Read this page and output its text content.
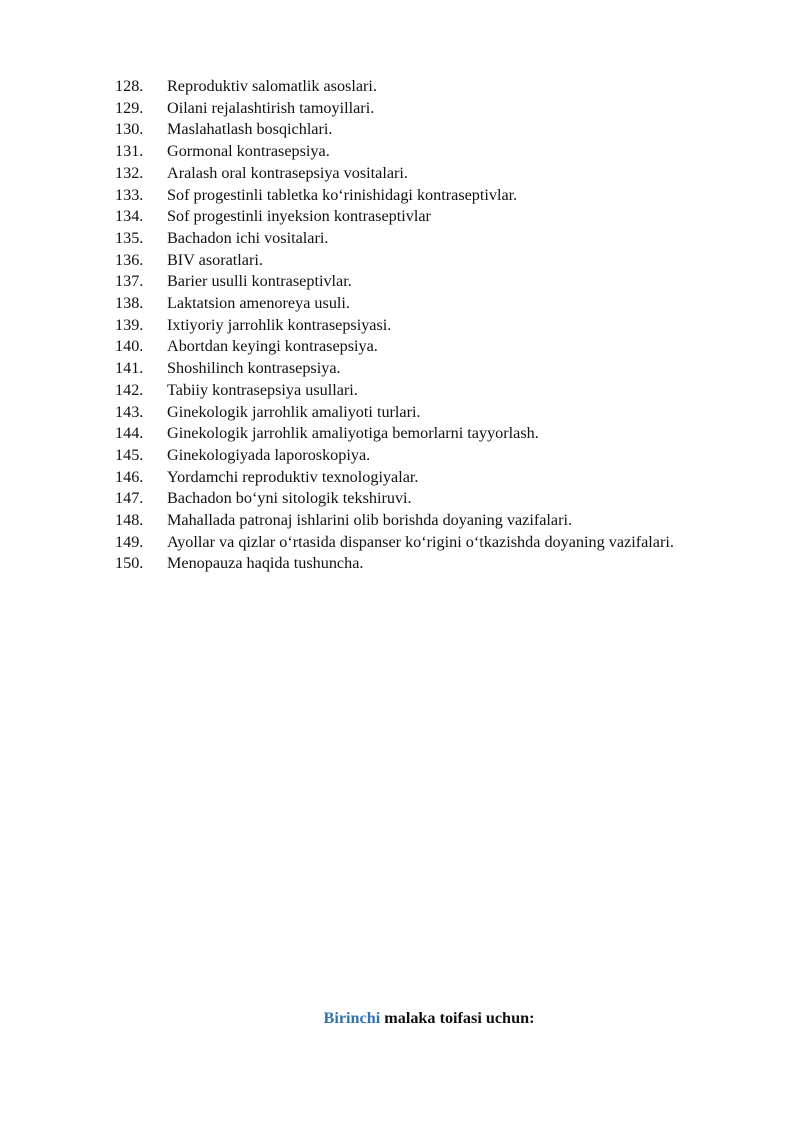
128.	Reproduktiv salomatlik asoslari.
129.	Oilani rejalashtirish tamoyillari.
130.	Maslahatlash bosqichlari.
131.	Gormonal kontrasepsiya.
132.	Aralash oral kontrasepsiya vositalari.
133.	Sof progestinli tabletka koʻrinishidagi kontraseptivlar.
134.	Sof progestinli inyeksion kontraseptivlar
135.	Bachadon ichi vositalari.
136.	BIV asoratlari.
137.	Barier usulli kontraseptivlar.
138.	Laktatsion amenoreya usuli.
139.	Ixtiyoriy jarrohlik kontrasepsiyasi.
140.	Abortdan keyingi kontrasepsiya.
141.	Shoshilinch kontrasepsiya.
142.	Tabiiy kontrasepsiya usullari.
143.	Ginekologik jarrohlik amaliyoti turlari.
144.	Ginekologik jarrohlik amaliyotiga bemorlarni tayyorlash.
145.	Ginekologiyada laporoskopiya.
146.	Yordamchi reproduktiv texnologiyalar.
147.	Bachadon boʻyni sitologik tekshiruvi.
148.	Mahallada patronaj ishlarini olib borishda doyaning vazifalari.
149.	Ayollar va qizlar oʻrtasida dispanser koʻrigini oʻtkazishda doyaning vazifalari.
150.	Menopauza haqida tushuncha.
Birinchi malaka toifasi uchun:
